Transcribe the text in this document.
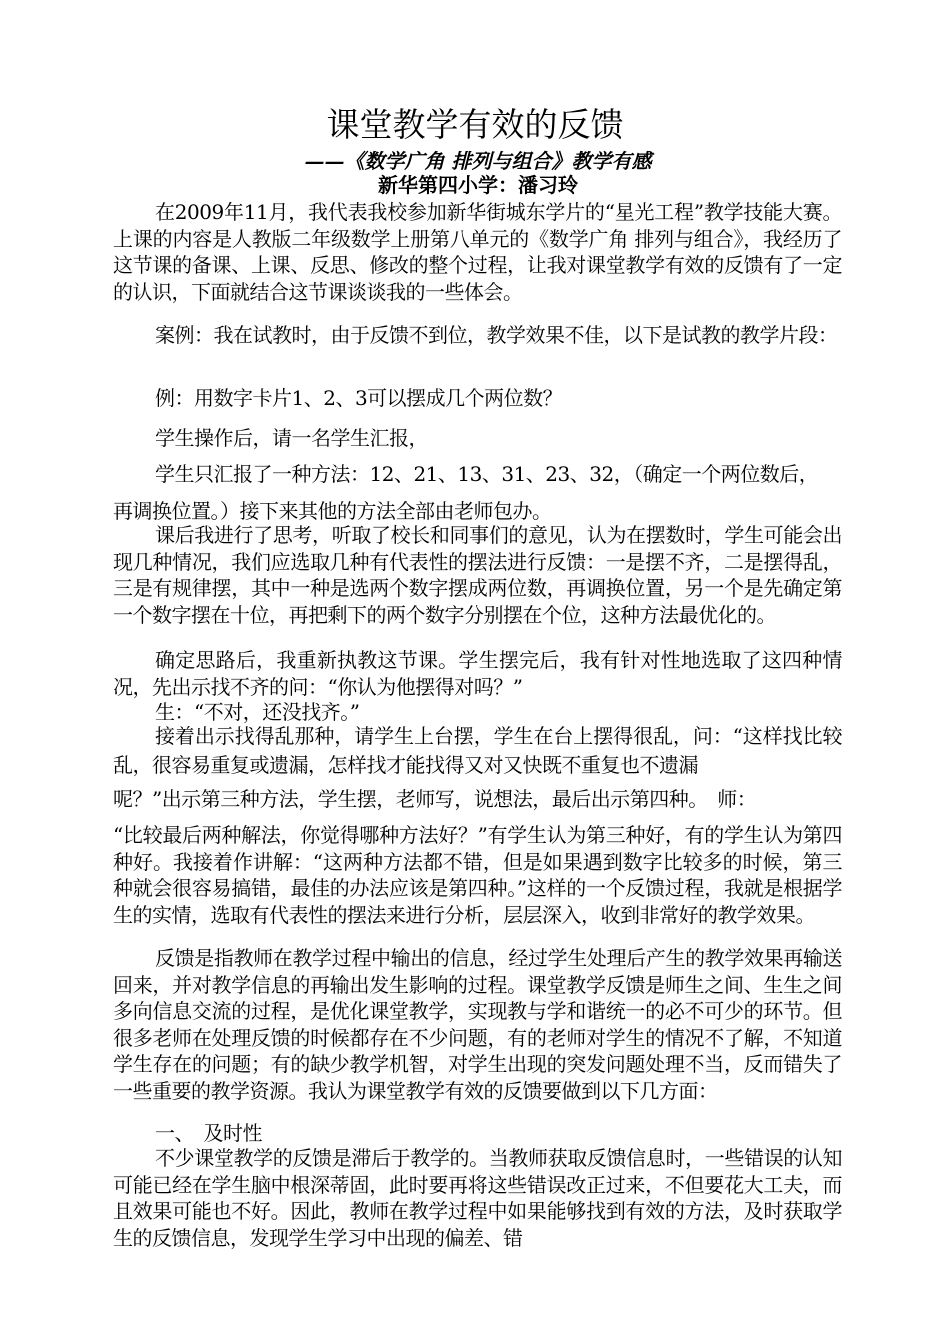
课堂教学有效的反馈
——《数学广角 排列与组合》教学有感
新华第四小学：潘习玲

在2009年11月，我代表我校参加新华街城东学片的“星光工程”教学技能大赛。上课的内容是人教版二年级数学上册第八单元的《数学广角 排列与组合》，我经历了这节课的备课、上课、反思、修改的整个过程，让我对课堂教学有效的反馈有了一定的认识，下面就结合这节课谈谈我的一些体会。

案例：我在试教时，由于反馈不到位，教学效果不佳，以下是试教的教学片段：

例：用数字卡片1、2、3可以摆成几个两位数？

学生操作后，请一名学生汇报，

学生只汇报了一种方法：12、21、13、31、23、32，（确定一个两位数后，

再调换位置。）接下来其他的方法全部由老师包办。

课后我进行了思考，听取了校长和同事们的意见，认为在摆数时，学生可能会出现几种情况，我们应选取几种有代表性的摆法进行反馈：一是摆不齐，二是摆得乱，三是有规律摆，其中一种是选两个数字摆成两位数，再调换位置，另一个是先确定第一个数字摆在十位，再把剩下的两个数字分别摆在个位，这种方法最优化的。

确定思路后，我重新执教这节课。学生摆完后，我有针对性地选取了这四种情况，先出示找不齐的问：“你认为他摆得对吗？”

生：“不对，还没找齐。”

接着出示找得乱那种，请学生上台摆，学生在台上摆得很乱，问：“这样找比较乱，很容易重复或遗漏，怎样找才能找得又对又快既不重复也不遗漏

呢？”出示第三种方法，学生摆，老师写，说想法，最后出示第四种。　师：

“比较最后两种解法，你觉得哪种方法好？”有学生认为第三种好，有的学生认为第四种好。我接着作讲解：“这两种方法都不错，但是如果遇到数字比较多的时候，第三种就会很容易搞错，最佳的办法应该是第四种。”这样的一个反馈过程，我就是根据学生的实情，选取有代表性的摆法来进行分析，层层深入，收到非常好的教学效果。

反馈是指教师在教学过程中输出的信息，经过学生处理后产生的教学效果再输送回来，并对教学信息的再输出发生影响的过程。课堂教学反馈是师生之间、生生之间多向信息交流的过程，是优化课堂教学，实现教与学和谐统一的必不可少的环节。但很多老师在处理反馈的时候都存在不少问题，有的老师对学生的情况不了解，不知道学生存在的问题；有的缺少教学机智，对学生出现的突发问题处理不当，反而错失了一些重要的教学资源。我认为课堂教学有效的反馈要做到以下几方面：

一、　及时性

不少课堂教学的反馈是滞后于教学的。当教师获取反馈信息时，一些错误的认知可能已经在学生脑中根深蒂固，此时要再将这些错误改正过来，不但要花大工夫，而且效果可能也不好。因此，教师在教学过程中如果能够找到有效的方法，及时获取学生的反馈信息，发现学生学习中出现的偏差、错
